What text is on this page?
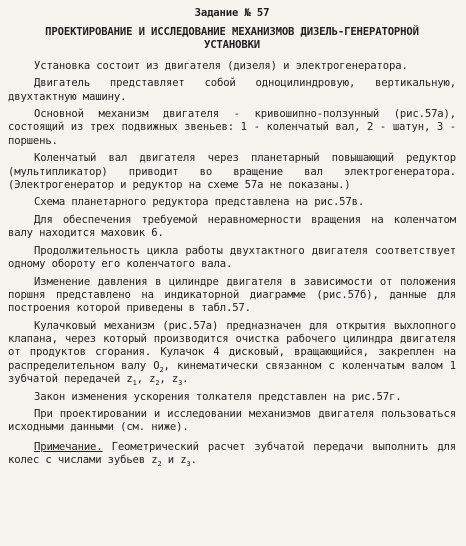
Задание № 57
ПРОЕКТИРОВАНИЕ И ИССЛЕДОВАНИЕ МЕХАНИЗМОВ ДИЗЕЛЬ-ГЕНЕРАТОРНОЙ
УСТАНОВКИ

Установка состоит из двигателя (дизеля) и электрогенератора.

Двигатель представляет собой одноцилиндровую, вертикальную, двухтактную машину.

Основной механизм двигателя - кривошипно-ползунный (рис.57а), состоящий из трех подвижных звеньев: 1 - коленчатый вал, 2 - шатун, 3 - поршень.

Коленчатый вал двигателя через планетарный повышающий редуктор (мультипликатор) приводит во вращение вал электрогенератора. (Электрогенератор и редуктор на схеме 57а не показаны.)

Схема планетарного редуктора представлена на рис.57в.

Для обеспечения требуемой неравномерности вращения на коленчатом валу находится маховик 6.

Продолжительность цикла работы двухтактного двигателя соответствует одному обороту его коленчатого вала.

Изменение давления в цилиндре двигателя в зависимости от положения поршня представлено на индикаторной диаграмме (рис.57б), данные для построения которой приведены в табл.57.

Кулачковый механизм (рис.57а) предназначен для открытия выхлопного клапана, через который производится очистка рабочего цилиндра двигателя от продуктов сгорания. Кулачок 4 дисковый, вращающийся, закреплен на распределительном валу $O_2$, кинематически связанном с коленчатым валом 1 зубчатой передачей $z_1$, $z_2$, $z_3$.

Закон изменения ускорения толкателя представлен на рис.57г.

При проектировании и исследовании механизмов двигателя пользоваться исходными данными (см. ниже).

Примечание. Геометрический расчет зубчатой передачи выполнить для колес с числами зубьев $z_2$ и $z_3$.
